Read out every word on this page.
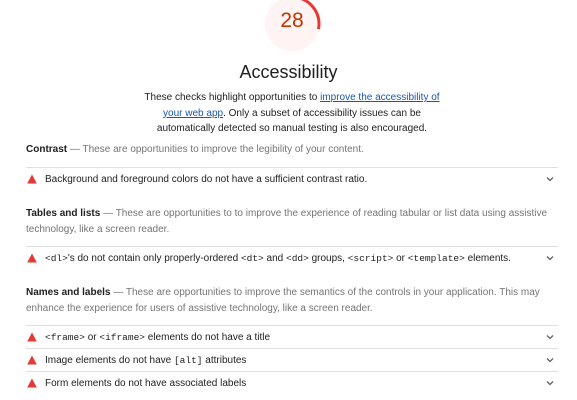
28
Accessibility
These checks highlight opportunities to improve the accessibility of your web app. Only a subset of accessibility issues can be automatically detected so manual testing is also encouraged.
Contrast — These are opportunities to improve the legibility of your content.
Background and foreground colors do not have a sufficient contrast ratio.
Tables and lists — These are opportunities to to improve the experience of reading tabular or list data using assistive technology, like a screen reader.
<dl>'s do not contain only properly-ordered <dt> and <dd> groups, <script> or <template> elements.
Names and labels — These are opportunities to improve the semantics of the controls in your application. This may enhance the experience for users of assistive technology, like a screen reader.
<frame> or <iframe> elements do not have a title
Image elements do not have [alt] attributes
Form elements do not have associated labels
